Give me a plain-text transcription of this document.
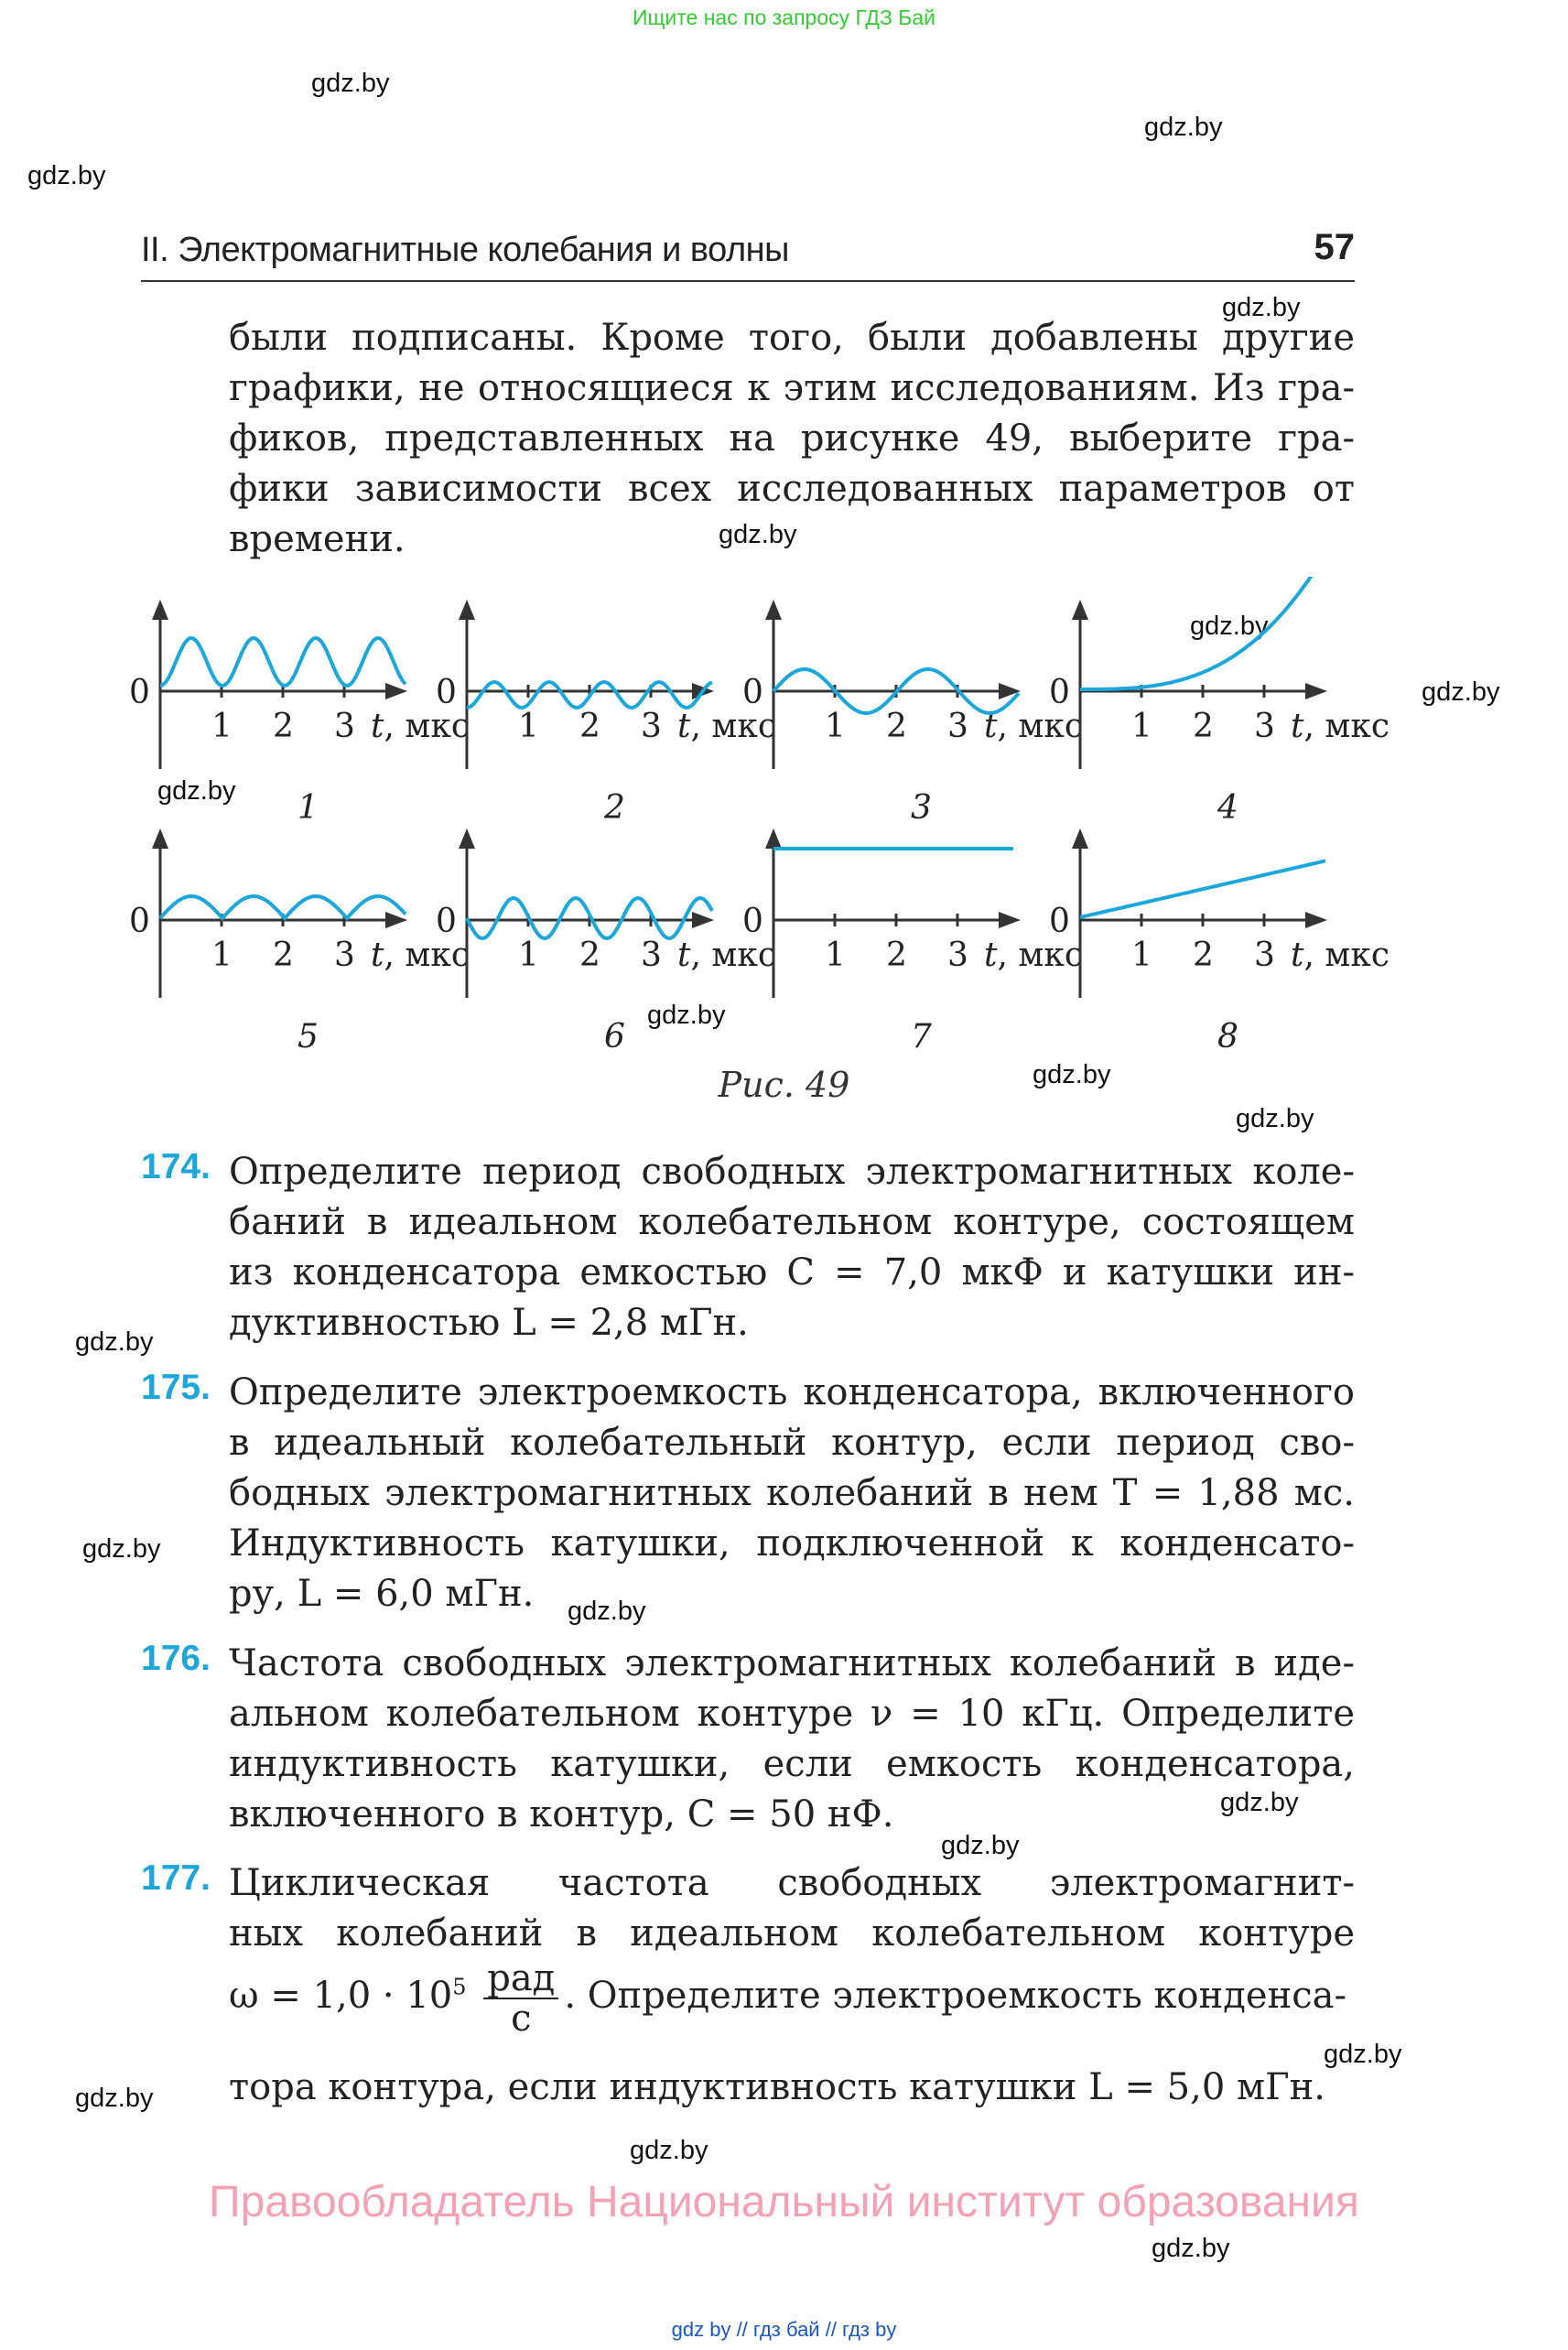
Ищите нас по запросу ГДЗ Бай
gdz.by
gdz.by
gdz.by
gdz.by
gdz.by
gdz.by
gdz.by
gdz.by
gdz.by
gdz.by
gdz.by
gdz.by
gdz.by
gdz.by
gdz.by
gdz.by
gdz.by
gdz.by
gdz.by
gdz.by
II. Электромагнитные колебания и волны	57
были подписаны. Кроме того, были добавлены другие
графики, не относящиеся к этим исследованиям. Из гра-
фиков, представленных на рисунке 49, выберите гра-
фики зависимости всех исследованных параметров от
времени.
0
1 2 3 t, мкс
1
0
1 2 3 t, мкс
2
0
1 2 3 t, мкс
3
0
1 2 3 t, мкс
4
0
1 2 3 t, мкс
5
0
1 2 3 t, мкс
6
0
1 2 3 t, мкс
7
0
1 2 3 t, мкс
8
Рис. 49
174. Определите период свободных электромагнитных коле-
баний в идеальном колебательном контуре, состоящем
из конденсатора емкостью C = 7,0 мкФ и катушки ин-
дуктивностью L = 2,8 мГн.
175. Определите электроемкость конденсатора, включенного
в идеальный колебательный контур, если период сво-
бодных электромагнитных колебаний в нем T = 1,88 мс.
Индуктивность катушки, подключенной к конденсато-
ру, L = 6,0 мГн.
176. Частота свободных электромагнитных колебаний в иде-
альном колебательном контуре ν = 10 кГц. Определите
индуктивность катушки, если емкость конденсатора,
включенного в контур, C = 50 нФ.
177. Циклическая частота свободных электромагнит-
ных колебаний в идеальном колебательном контуре
$\omega = 1,0 \cdot 10^5 \frac{\text{рад}}{с}$ . Определите электроемкость конденса-
тора контура, если индуктивность катушки L = 5,0 мГн.
Правообладатель Национальный институт образования
gdz by // гдз бай // гдз by
